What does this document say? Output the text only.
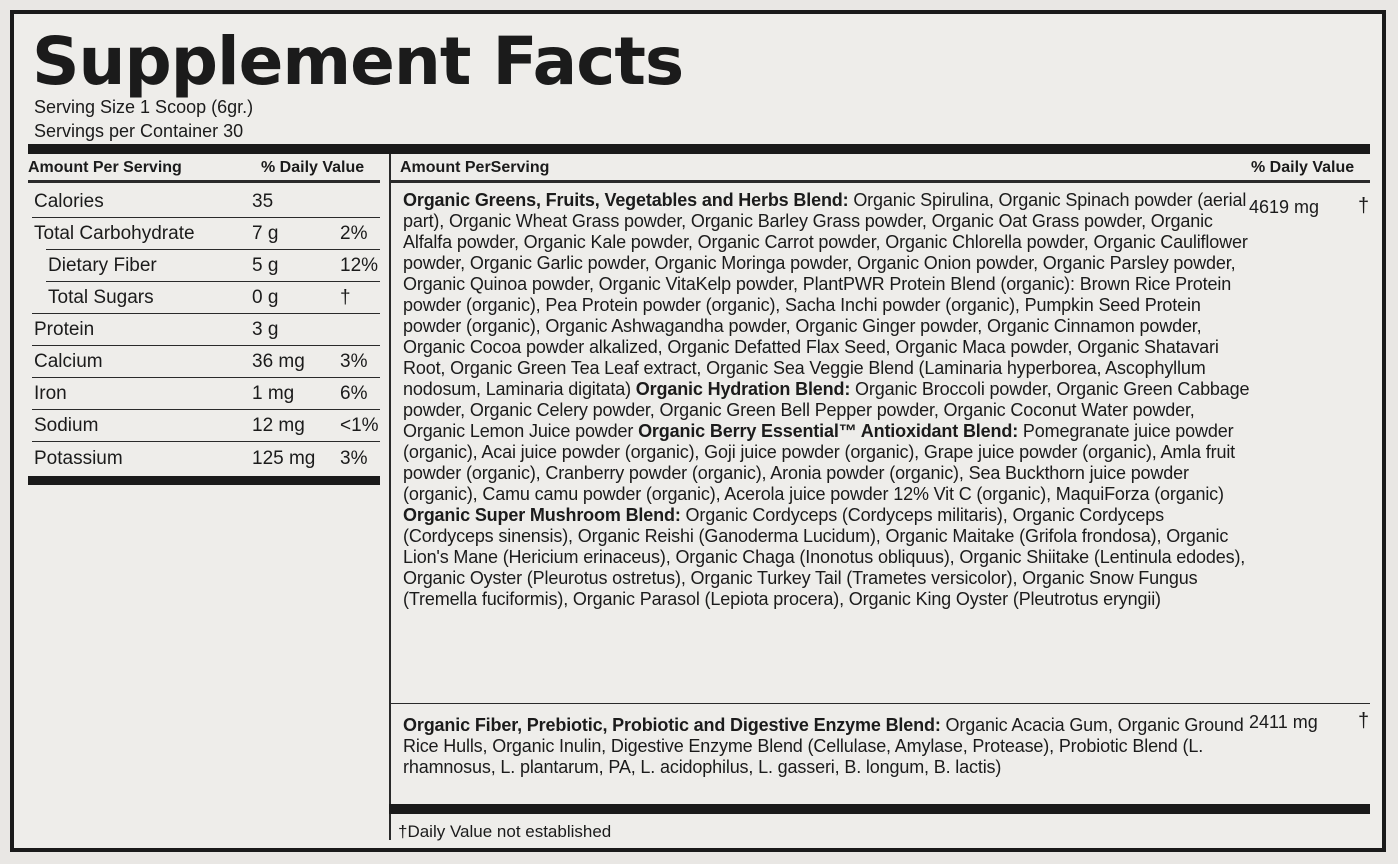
Supplement Facts
Serving Size 1 Scoop (6gr.)
Servings per Container 30
Amount Per Serving	% Daily Value Amount PerServing	% Daily Value
Calories	35
Total Carbohydrate	7 g	2%
Dietary Fiber	5 g	12%
Total Sugars	0 g	†
Protein	3 g
Calcium	36 mg 3%
Iron	1 mg 6%
Sodium	12 mg <1%
Potassium	125 mg 3%
Organic Greens, Fruits, Vegetables and Herbs Blend: Organic Spirulina, Organic Spinach powder (aerial part), Organic Wheat Grass powder, Organic Barley Grass powder, Organic Oat Grass powder, Organic Alfalfa powder, Organic Kale powder, Organic Carrot powder, Organic Chlorella powder, Organic Cauliflower powder, Organic Garlic powder, Organic Moringa powder, Organic Onion powder, Organic Parsley powder, Organic Quinoa powder, Organic VitaKelp powder, PlantPWR Protein Blend (organic): Brown Rice Protein powder (organic), Pea Protein powder (organic), Sacha Inchi powder (organic), Pumpkin Seed Protein powder (organic), Organic Ashwagandha powder, Organic Ginger powder, Organic Cinnamon powder, Organic Cocoa powder alkalized, Organic Defatted Flax Seed, Organic Maca powder, Organic Shatavari Root, Organic Green Tea Leaf extract, Organic Sea Veggie Blend (Laminaria hyperborea, Ascophyllum nodosum, Laminaria digitata) Organic Hydration Blend: Organic Broccoli powder, Organic Green Cabbage powder, Organic Celery powder, Organic Green Bell Pepper powder, Organic Coconut Water powder, Organic Lemon Juice powder Organic Berry Essential™ Antioxidant Blend: Pomegranate juice powder (organic), Acai juice powder (organic), Goji juice powder (organic), Grape juice powder (organic), Amla fruit powder (organic), Cranberry powder (organic), Aronia powder (organic), Sea Buckthorn juice powder (organic), Camu camu powder (organic), Acerola juice powder 12% Vit C (organic), MaquiForza (organic) Organic Super Mushroom Blend: Organic Cordyceps (Cordyceps militaris), Organic Cordyceps (Cordyceps sinensis), Organic Reishi (Ganoderma Lucidum), Organic Maitake (Grifola frondosa), Organic Lion's Mane (Hericium erinaceus), Organic Chaga (Inonotus obliquus), Organic Shiitake (Lentinula edodes), Organic Oyster (Pleurotus ostretus), Organic Turkey Tail (Trametes versicolor), Organic Snow Fungus (Tremella fuciformis), Organic Parasol (Lepiota procera), Organic King Oyster (Pleutrotus eryngii)
4619 mg †
Organic Fiber, Prebiotic, Probiotic and Digestive Enzyme Blend: Organic Acacia Gum, Organic Ground Rice Hulls, Organic Inulin, Digestive Enzyme Blend (Cellulase, Amylase, Protease), Probiotic Blend (L. rhamnosus, L. plantarum, PA, L. acidophilus, L. gasseri, B. longum, B. lactis)
2411 mg †
†Daily Value not established
